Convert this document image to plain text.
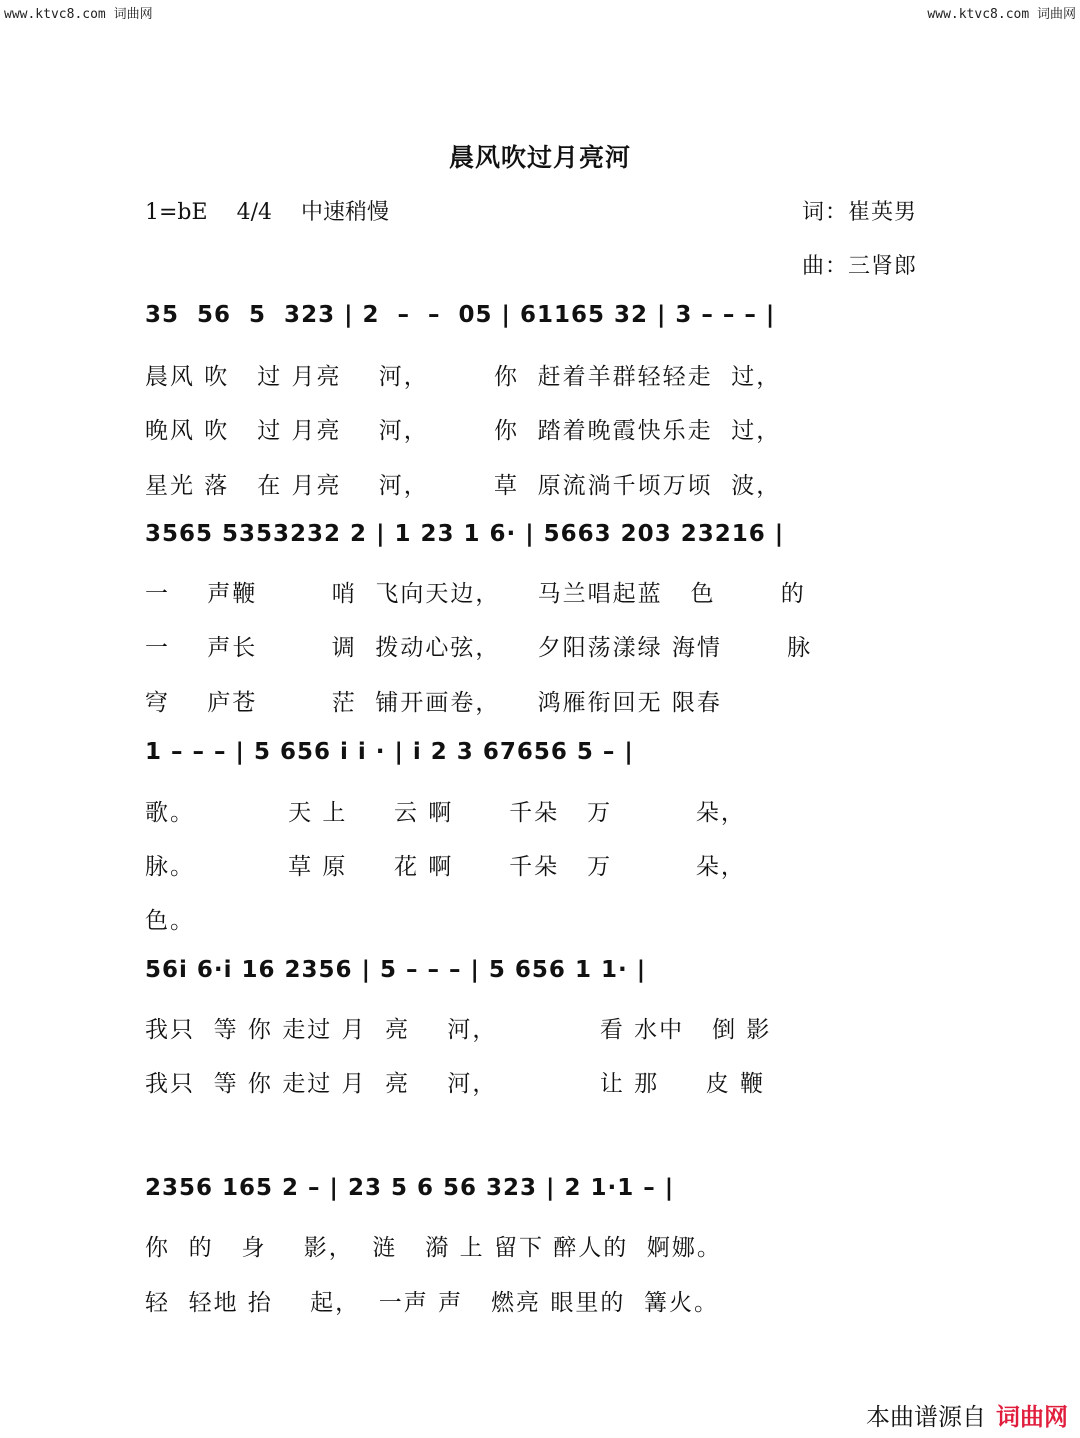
www.ktvc8.com 词曲网	www.ktvc8.com 词曲网
晨风吹过月亮河
1=bE 4/4 中速稍慢	词：崔英男
曲：三肾郎
35  56  5  323 | 2  –  –  05 | 61165 32 | 3 – – – |
晨风 吹   过 月亮    河，       你  赶着羊群轻轻走  过，
晚风 吹   过 月亮    河，       你  踏着晚霞快乐走  过，
星光 落   在 月亮    河，       草  原流淌千顷万顷  波，
3565 5353232 2 | 1 23 1 6· | 5663 203 23216 |
一    声鞭        哨  飞向天边，    马兰唱起蓝   色       的
一    声长        调  拨动心弦，    夕阳荡漾绿 海情       脉
穹    庐苍        茫  铺开画卷，    鸿雁衔回无 限春
1 – – – | 5 656 i i · | i 2 3 67656 5 – |
歌。          天 上     云 啊      千朵   万         朵，
脉。          草 原     花 啊      千朵   万         朵，
色。
56i 6·i 16 2356 | 5 – – – | 5 656 1 1· |
我只  等 你 走过 月  亮    河，           看 水中   倒 影
我只  等 你 走过 月  亮    河，           让 那     皮 鞭
2356 165 2 – | 23 5 6 56 323 | 2 1·1 – |
你  的   身    影，  涟   漪 上 留下 醉人的  婀娜。
轻  轻地 抬    起，  一声 声   燃亮 眼里的  篝火。
本曲谱源自 词曲网
